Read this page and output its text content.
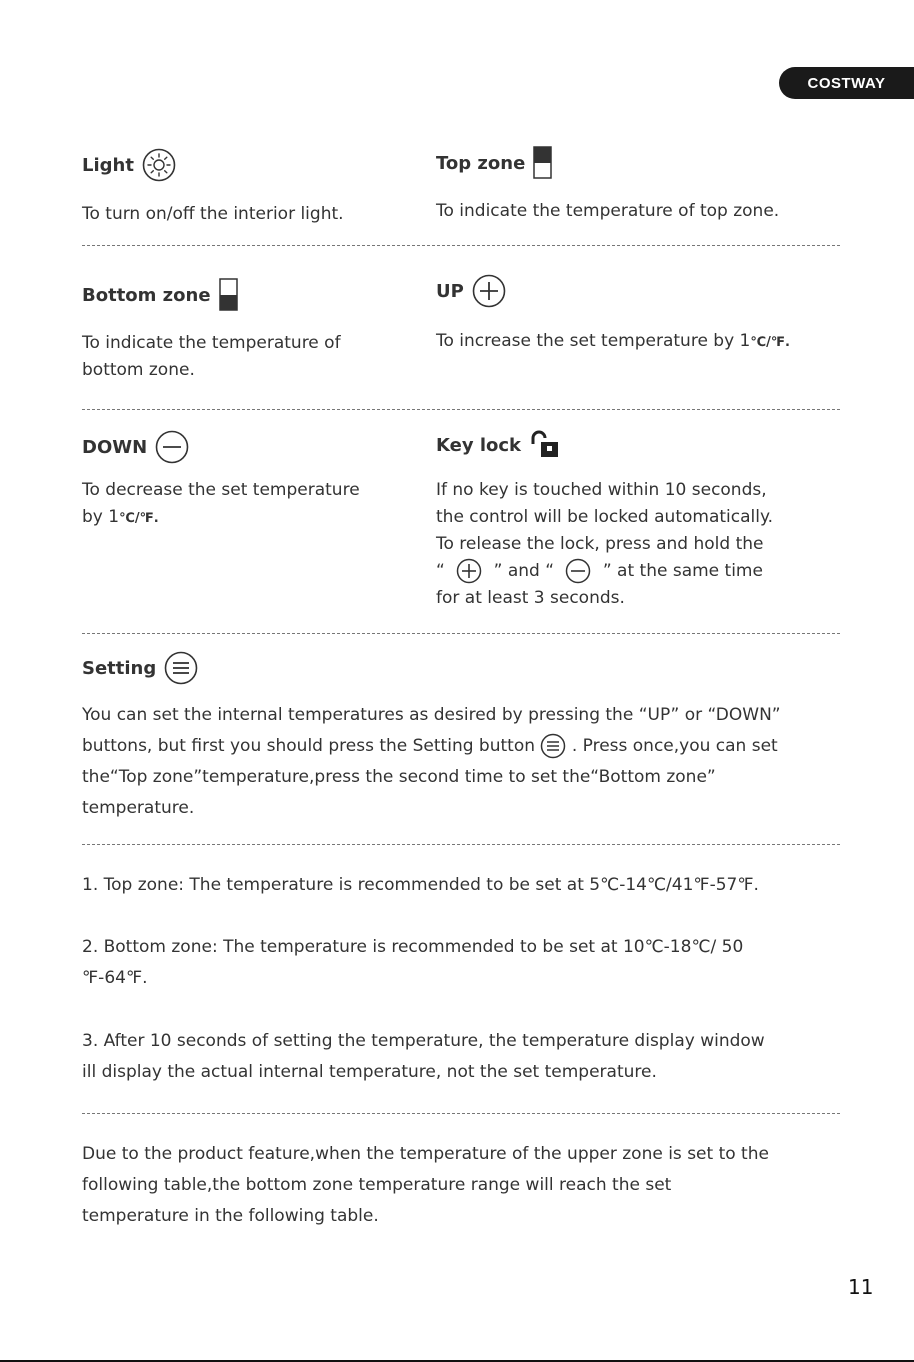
COSTWAY
Light
To turn on/off the interior light.
Top zone
To indicate the temperature of top zone.
Bottom zone
To indicate the temperature of
bottom zone.
UP
To increase the set temperature by 1℃/℉.
DOWN
To decrease the set temperature
by 1℃/℉.
Key lock
If no key is touched within 10 seconds,
the control will be locked automatically.
To release the lock, press and hold the
“	” and “	” at the same time
for at least 3 seconds.
Setting
You can set the internal temperatures as desired by pressing the “UP” or “DOWN”
buttons, but first you should press the Setting button . Press once,you can set
the“Top zone”temperature,press the second time to set the“Bottom zone”
temperature.
1. Top zone: The temperature is recommended to be set at 5℃-14℃/41℉-57℉.
2. Bottom zone: The temperature is recommended to be set at 10℃-18℃/ 50
℉-64℉.
3. After 10 seconds of setting the temperature, the temperature display window
ill display the actual internal temperature, not the set temperature.
Due to the product feature,when the temperature of the upper zone is set to the
following table,the bottom zone temperature range will reach the set
temperature in the following table.
11
